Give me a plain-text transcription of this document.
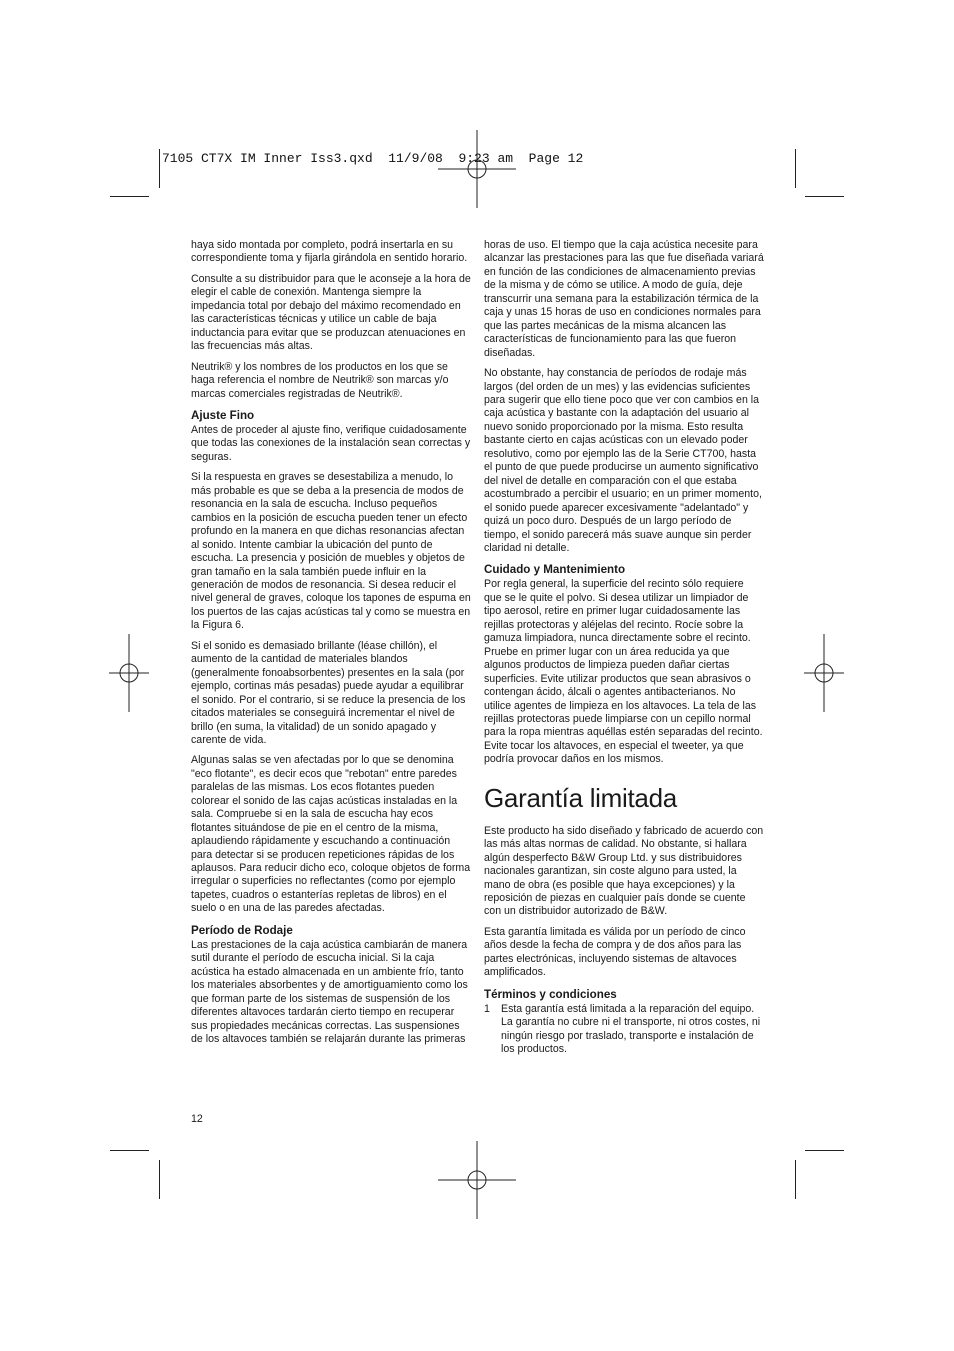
7105 CT7X IM Inner Iss3.qxd  11/9/08  9:23 am  Page 12

haya sido montada por completo, podrá insertarla en su correspondiente toma y fijarla girándola en sentido horario.

Consulte a su distribuidor para que le aconseje a la hora de elegir el cable de conexión. Mantenga siempre la impedancia total por debajo del máximo recomendado en las características técnicas y utilice un cable de baja inductancia para evitar que se produzcan atenuaciones en las frecuencias más altas.

Neutrik® y los nombres de los productos en los que se haga referencia el nombre de Neutrik® son marcas y/o marcas comerciales registradas de Neutrik®.

Ajuste Fino

Antes de proceder al ajuste fino, verifique cuidadosamente que todas las conexiones de la instalación sean correctas y seguras.

Si la respuesta en graves se desestabiliza a menudo, lo más probable es que se deba a la presencia de modos de resonancia en la sala de escucha. Incluso pequeños cambios en la posición de escucha pueden tener un efecto profundo en la manera en que dichas resonancias afectan al sonido. Intente cambiar la ubicación del punto de escucha. La presencia y posición de muebles y objetos de gran tamaño en la sala también puede influir en la generación de modos de resonancia. Si desea reducir el nivel general de graves, coloque los tapones de espuma en los puertos de las cajas acústicas tal y como se muestra en la Figura 6.

Si el sonido es demasiado brillante (léase chillón), el aumento de la cantidad de materiales blandos (generalmente fonoabsorbentes) presentes en la sala (por ejemplo, cortinas más pesadas) puede ayudar a equilibrar el sonido. Por el contrario, si se reduce la presencia de los citados materiales se conseguirá incrementar el nivel de brillo (en suma, la vitalidad) de un sonido apagado y carente de vida.

Algunas salas se ven afectadas por lo que se denomina "eco flotante", es decir ecos que "rebotan" entre paredes paralelas de las mismas. Los ecos flotantes pueden colorear el sonido de las cajas acústicas instaladas en la sala. Compruebe si en la sala de escucha hay ecos flotantes situándose de pie en el centro de la misma, aplaudiendo rápidamente y escuchando a continuación para detectar si se producen repeticiones rápidas de los aplausos. Para reducir dicho eco, coloque objetos de forma irregular o superficies no reflectantes (como por ejemplo tapetes, cuadros o estanterías repletas de libros) en el suelo o en una de las paredes afectadas.

Período de Rodaje

Las prestaciones de la caja acústica cambiarán de manera sutil durante el período de escucha inicial. Si la caja acústica ha estado almacenada en un ambiente frío, tanto los materiales absorbentes y de amortiguamiento como los que forman parte de los sistemas de suspensión de los diferentes altavoces tardarán cierto tiempo en recuperar sus propiedades mecánicas correctas. Las suspensiones de los altavoces también se relajarán durante las primeras

horas de uso. El tiempo que la caja acústica necesite para alcanzar las prestaciones para las que fue diseñada variará en función de las condiciones de almacenamiento previas de la misma y de cómo se utilice. A modo de guía, deje transcurrir una semana para la estabilización térmica de la caja y unas 15 horas de uso en condiciones normales para que las partes mecánicas de la misma alcancen las características de funcionamiento para las que fueron diseñadas.

No obstante, hay constancia de períodos de rodaje más largos (del orden de un mes) y las evidencias suficientes para sugerir que ello tiene poco que ver con cambios en la caja acústica y bastante con la adaptación del usuario al nuevo sonido proporcionado por la misma. Esto resulta bastante cierto en cajas acústicas con un elevado poder resolutivo, como por ejemplo las de la Serie CT700, hasta el punto de que puede producirse un aumento significativo del nivel de detalle en comparación con el que estaba acostumbrado a percibir el usuario; en un primer momento, el sonido puede aparecer excesivamente "adelantado" y quizá un poco duro. Después de un largo período de tiempo, el sonido parecerá más suave aunque sin perder claridad ni detalle.

Cuidado y Mantenimiento

Por regla general, la superficie del recinto sólo requiere que se le quite el polvo. Si desea utilizar un limpiador de tipo aerosol, retire en primer lugar cuidadosamente las rejillas protectoras y aléjelas del recinto. Rocíe sobre la gamuza limpiadora, nunca directamente sobre el recinto. Pruebe en primer lugar con un área reducida ya que algunos productos de limpieza pueden dañar ciertas superficies. Evite utilizar productos que sean abrasivos o contengan ácido, álcali o agentes antibacterianos. No utilice agentes de limpieza en los altavoces. La tela de las rejillas protectoras puede limpiarse con un cepillo normal para la ropa mientras aquéllas estén separadas del recinto. Evite tocar los altavoces, en especial el tweeter, ya que podría provocar daños en los mismos.

Garantía limitada

Este producto ha sido diseñado y fabricado de acuerdo con las más altas normas de calidad. No obstante, si hallara algún desperfecto B&W Group Ltd. y sus distribuidores nacionales garantizan, sin coste alguno para usted, la mano de obra (es posible que haya excepciones) y la reposición de piezas en cualquier país donde se cuente con un distribuidor autorizado de B&W.

Esta garantía limitada es válida por un período de cinco años desde la fecha de compra y de dos años para las partes electrónicas, incluyendo sistemas de altavoces amplificados.

Términos y condiciones
1	Esta garantía está limitada a la reparación del equipo. La garantía no cubre ni el transporte, ni otros costes, ni ningún riesgo por traslado, transporte e instalación de los productos.
12
